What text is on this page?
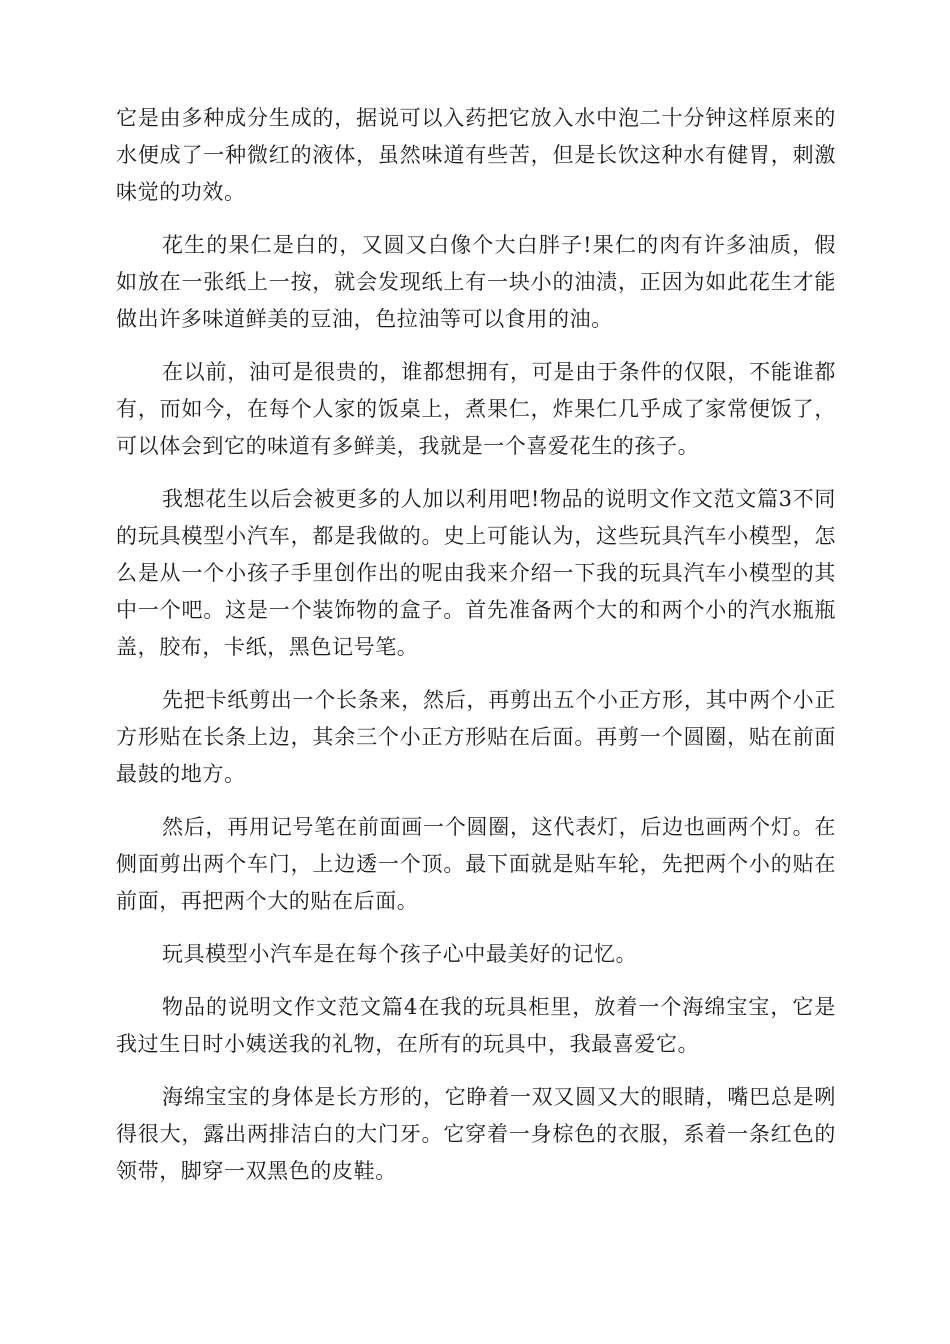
它是由多种成分生成的，据说可以入药把它放入水中泡二十分钟这样原来的水便成了一种微红的液体，虽然味道有些苦，但是长饮这种水有健胃，刺激味觉的功效。

花生的果仁是白的，又圆又白像个大白胖子!果仁的肉有许多油质，假如放在一张纸上一按，就会发现纸上有一块小的油渍，正因为如此花生才能做出许多味道鲜美的豆油，色拉油等可以食用的油。

在以前，油可是很贵的，谁都想拥有，可是由于条件的仅限，不能谁都有，而如今，在每个人家的饭桌上，煮果仁，炸果仁几乎成了家常便饭了，可以体会到它的味道有多鲜美，我就是一个喜爱花生的孩子。

我想花生以后会被更多的人加以利用吧!物品的说明文作文范文篇3不同的玩具模型小汽车，都是我做的。史上可能认为，这些玩具汽车小模型，怎么是从一个小孩子手里创作出的呢由我来介绍一下我的玩具汽车小模型的其中一个吧。这是一个装饰物的盒子。首先准备两个大的和两个小的汽水瓶瓶盖，胶布，卡纸，黑色记号笔。

先把卡纸剪出一个长条来，然后，再剪出五个小正方形，其中两个小正方形贴在长条上边，其余三个小正方形贴在后面。再剪一个圆圈，贴在前面最鼓的地方。

然后，再用记号笔在前面画一个圆圈，这代表灯，后边也画两个灯。在侧面剪出两个车门，上边透一个顶。最下面就是贴车轮，先把两个小的贴在前面，再把两个大的贴在后面。

玩具模型小汽车是在每个孩子心中最美好的记忆。

物品的说明文作文范文篇4在我的玩具柜里，放着一个海绵宝宝，它是我过生日时小姨送我的礼物，在所有的玩具中，我最喜爱它。

海绵宝宝的身体是长方形的，它睁着一双又圆又大的眼睛，嘴巴总是咧得很大，露出两排洁白的大门牙。它穿着一身棕色的衣服，系着一条红色的领带，脚穿一双黑色的皮鞋。
